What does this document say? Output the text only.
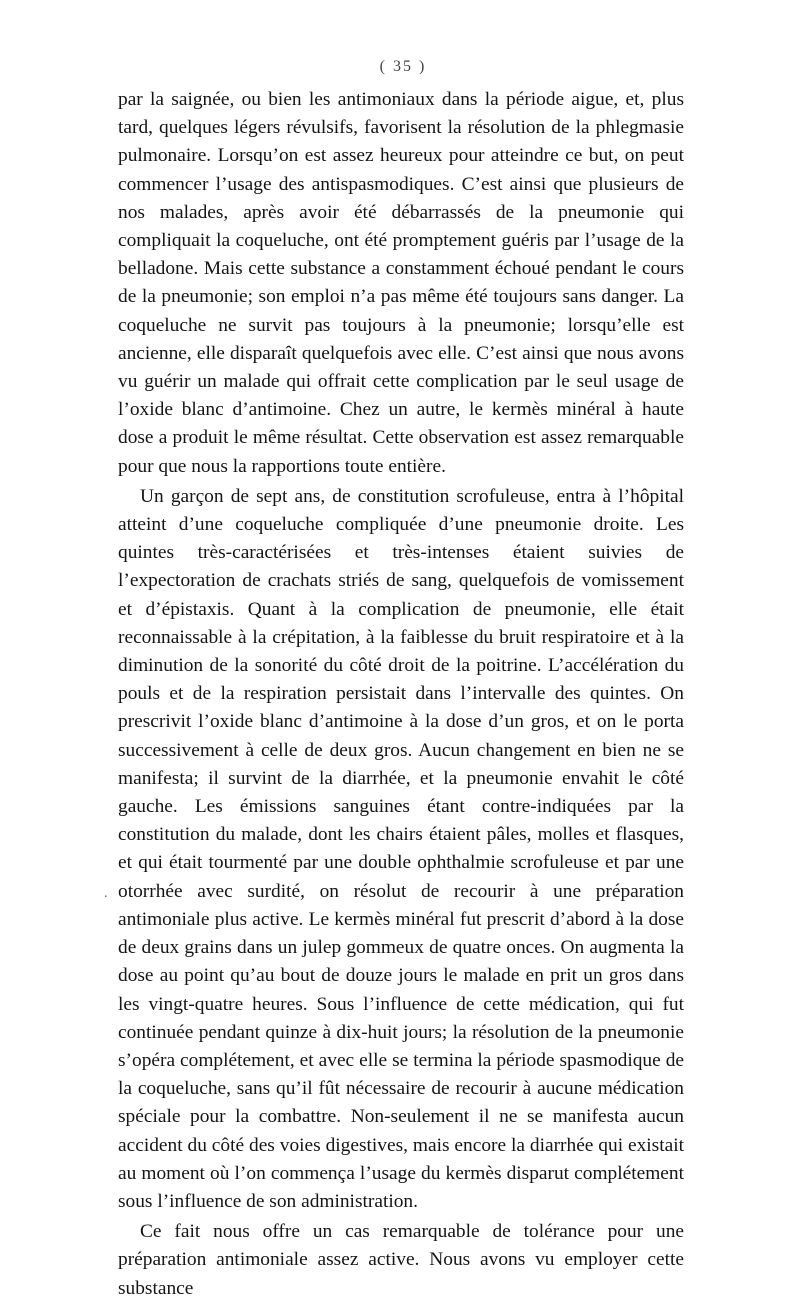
( 35 )
.

par la saignée, ou bien les antimoniaux dans la période aigue, et, plus tard, quelques légers révulsifs, favorisent la résolution de la phlegmasie pulmonaire. Lorsqu’on est assez heureux pour atteindre ce but, on peut commencer l’usage des antispasmodiques. C’est ainsi que plusieurs de nos malades, après avoir été débarrassés de la pneumonie qui compliquait la coqueluche, ont été promptement guéris par l’usage de la belladone. Mais cette substance a constamment échoué pendant le cours de la pneumonie; son emploi n’a pas même été toujours sans danger. La coqueluche ne survit pas toujours à la pneumonie; lorsqu’elle est ancienne, elle disparaît quelquefois avec elle. C’est ainsi que nous avons vu guérir un malade qui offrait cette complication par le seul usage de l’oxide blanc d’antimoine. Chez un autre, le kermès minéral à haute dose a produit le même résultat. Cette observation est assez remarquable pour que nous la rapportions toute entière.

Un garçon de sept ans, de constitution scrofuleuse, entra à l’hôpital atteint d’une coqueluche compliquée d’une pneumonie droite. Les quintes très-caractérisées et très-intenses étaient suivies de l’expectoration de crachats striés de sang, quelquefois de vomissement et d’épistaxis. Quant à la complication de pneumonie, elle était reconnaissable à la crépitation, à la faiblesse du bruit respiratoire et à la diminution de la sonorité du côté droit de la poitrine. L’accélération du pouls et de la respiration persistait dans l’intervalle des quintes. On prescrivit l’oxide blanc d’antimoine à la dose d’un gros, et on le porta successivement à celle de deux gros. Aucun changement en bien ne se manifesta; il survint de la diarrhée, et la pneumonie envahit le côté gauche. Les émissions sanguines étant contre-indiquées par la constitution du malade, dont les chairs étaient pâles, molles et flasques, et qui était tourmenté par une double ophthalmie scrofuleuse et par une otorrhée avec surdité, on résolut de recourir à une préparation antimoniale plus active. Le kermès minéral fut prescrit d’abord à la dose de deux grains dans un julep gommeux de quatre onces. On augmenta la dose au point qu’au bout de douze jours le malade en prit un gros dans les vingt-quatre heures. Sous l’influence de cette médication, qui fut continuée pendant quinze à dix-huit jours; la résolution de la pneumonie s’opéra complétement, et avec elle se termina la période spasmodique de la coqueluche, sans qu’il fût nécessaire de recourir à aucune médication spéciale pour la combattre. Non-seulement il ne se manifesta aucun accident du côté des voies digestives, mais encore la diarrhée qui existait au moment où l’on commença l’usage du kermès disparut complétement sous l’influence de son administration.

Ce fait nous offre un cas remarquable de tolérance pour une préparation antimoniale assez active. Nous avons vu employer cette substance
